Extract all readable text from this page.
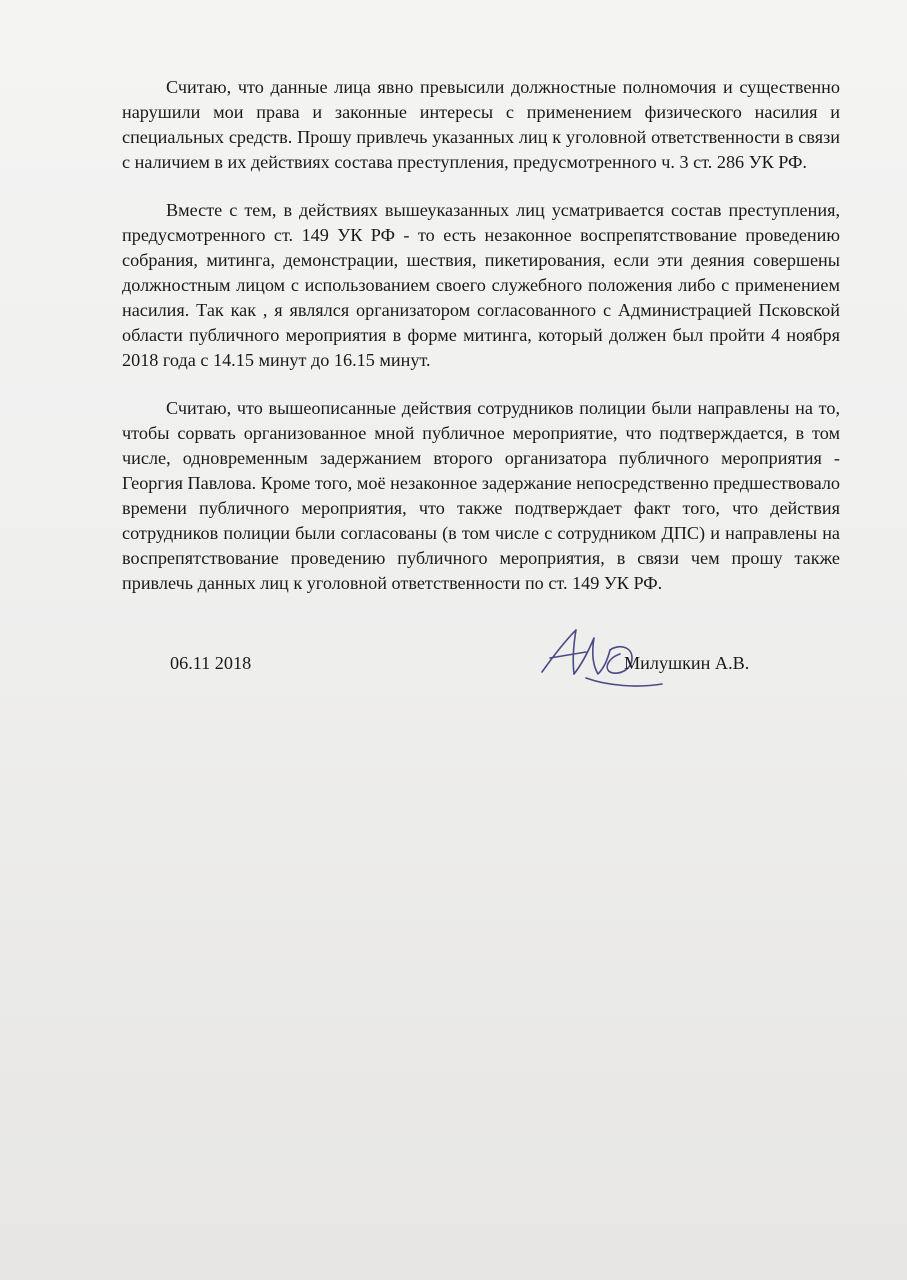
Считаю, что данные лица явно превысили должностные полномочия и существенно нарушили мои права и законные интересы с применением физического насилия и специальных средств. Прошу привлечь указанных лиц к уголовной ответственности в связи с наличием в их действиях состава преступления, предусмотренного ч. 3 ст. 286 УК РФ.

Вместе с тем, в действиях вышеуказанных лиц усматривается состав преступления, предусмотренного ст. 149 УК РФ - то есть незаконное воспрепятствование проведению собрания, митинга, демонстрации, шествия, пикетирования, если эти деяния совершены должностным лицом с использованием своего служебного положения либо с применением насилия. Так как , я являлся организатором согласованного с Администрацией Псковской области публичного мероприятия в форме митинга, который должен был пройти 4 ноября 2018 года с 14.15 минут до 16.15 минут.

Считаю, что вышеописанные действия сотрудников полиции были направлены на то, чтобы сорвать организованное мной публичное мероприятие, что подтверждается, в том числе, одновременным задержанием второго организатора публичного мероприятия - Георгия Павлова. Кроме того, моё незаконное задержание непосредственно предшествовало времени публичного мероприятия, что также подтверждает факт того, что действия сотрудников полиции были согласованы (в том числе с сотрудником ДПС) и направлены на воспрепятствование проведению публичного мероприятия, в связи чем прошу также привлечь данных лиц к уголовной ответственности по ст. 149 УК РФ.

06.11 2018	Милушкин А.В.
